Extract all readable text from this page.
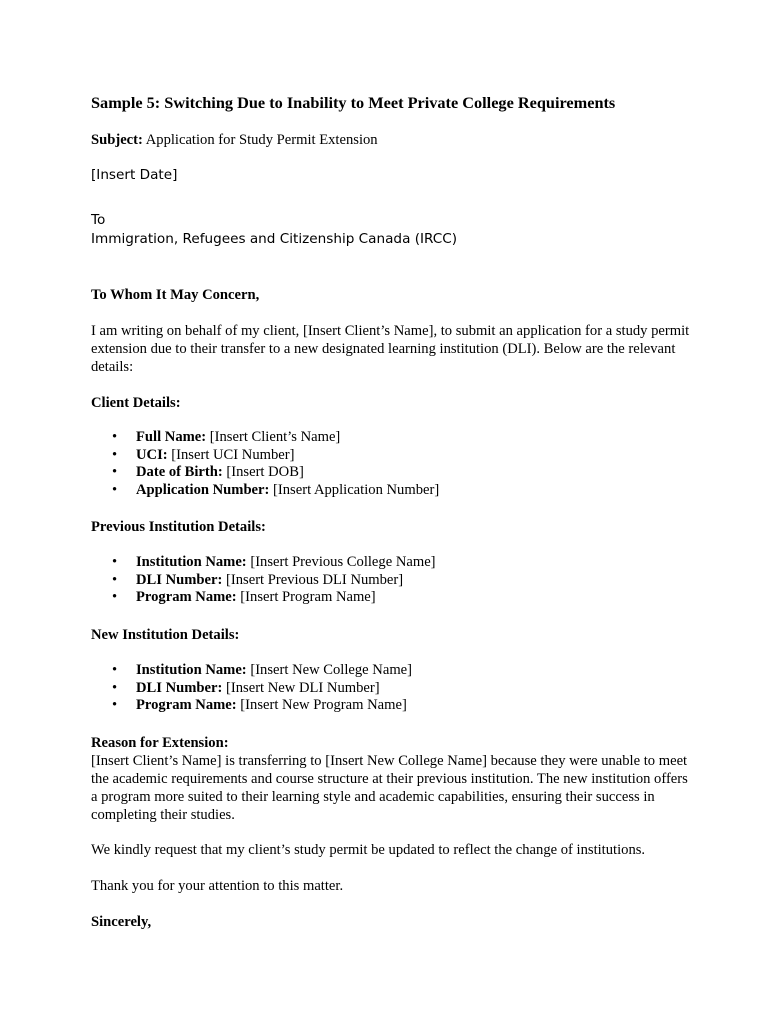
Sample 5: Switching Due to Inability to Meet Private College Requirements
Subject: Application for Study Permit Extension
[Insert Date]
To
Immigration, Refugees and Citizenship Canada (IRCC)
To Whom It May Concern,
I am writing on behalf of my client, [Insert Client’s Name], to submit an application for a study permit extension due to their transfer to a new designated learning institution (DLI). Below are the relevant details:
Client Details:
• Full Name: [Insert Client’s Name]
• UCI: [Insert UCI Number]
• Date of Birth: [Insert DOB]
• Application Number: [Insert Application Number]
Previous Institution Details:
• Institution Name: [Insert Previous College Name]
• DLI Number: [Insert Previous DLI Number]
• Program Name: [Insert Program Name]
New Institution Details:
• Institution Name: [Insert New College Name]
• DLI Number: [Insert New DLI Number]
• Program Name: [Insert New Program Name]
Reason for Extension:
[Insert Client’s Name] is transferring to [Insert New College Name] because they were unable to meet the academic requirements and course structure at their previous institution. The new institution offers a program more suited to their learning style and academic capabilities, ensuring their success in completing their studies.
We kindly request that my client’s study permit be updated to reflect the change of institutions.
Thank you for your attention to this matter.
Sincerely,
